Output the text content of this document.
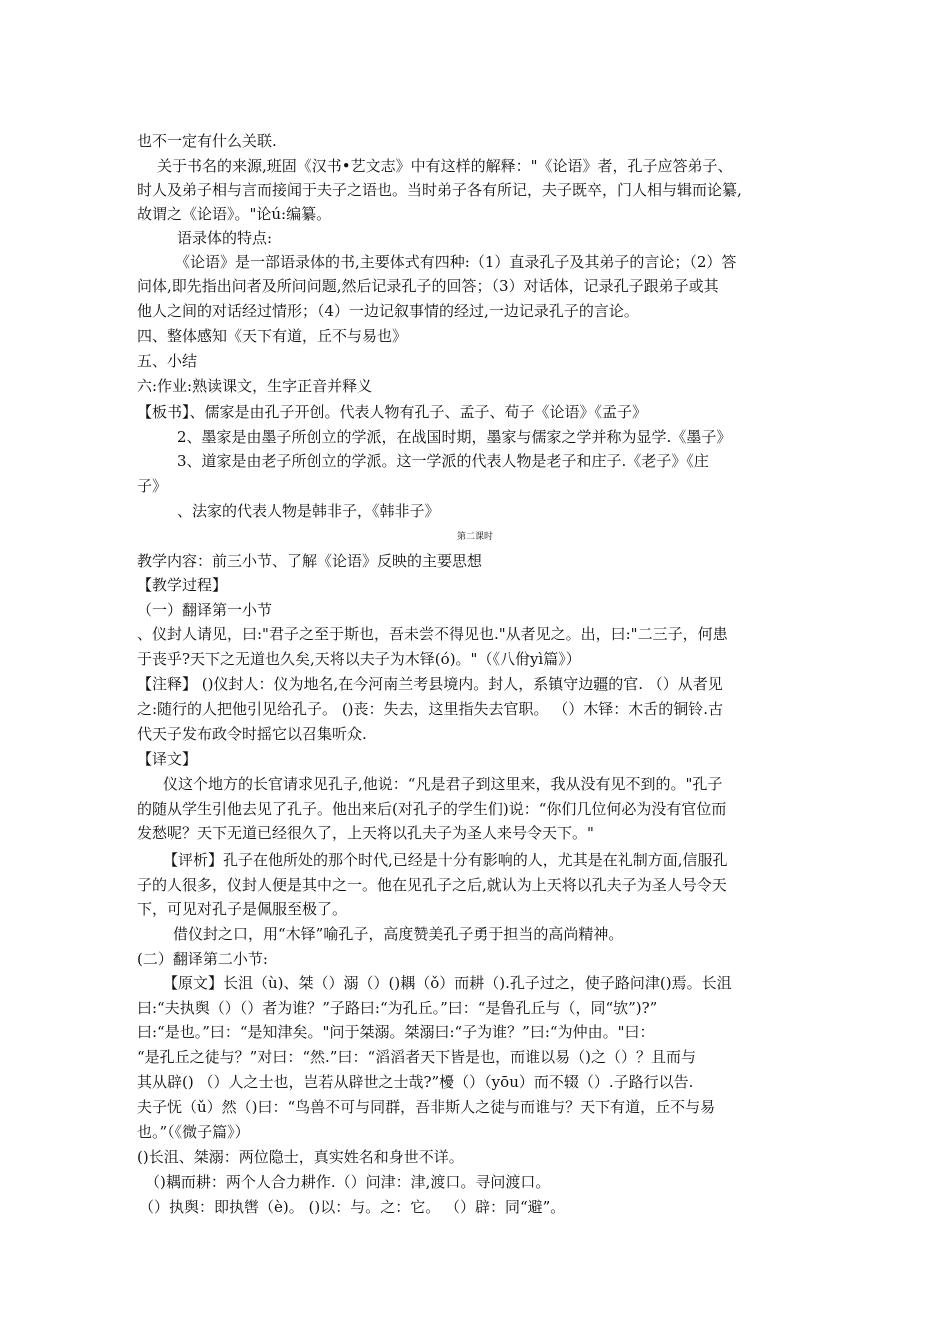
也不一定有什么关联.
关于书名的来源,班固《汉书•艺文志》中有这样的解释："《论语》者，孔子应答弟子、
时人及弟子相与言而接闻于夫子之语也。当时弟子各有所记，夫子既卒，门人相与辑而论纂,
故谓之《论语》。"论ú:编纂。
语录体的特点:
《论语》是一部语录体的书,主要体式有四种:（1）直录孔子及其弟子的言论；（2）答
问体,即先指出问者及所问问题,然后记录孔子的回答；（3）对话体，记录孔子跟弟子或其
他人之间的对话经过情形；（4）一边记叙事情的经过,一边记录孔子的言论。
四、整体感知《天下有道，丘不与易也》
五、小结
六:作业:熟读课文，生字正音并释义
【板书】、儒家是由孔子开创。代表人物有孔子、孟子、荀子《论语》《孟子》
2、墨家是由墨子所创立的学派，在战国时期，墨家与儒家之学并称为显学.《墨子》
3、道家是由老子所创立的学派。这一学派的代表人物是老子和庄子.《老子》《庄
子》
、法家的代表人物是韩非子，《韩非子》
第二课时
教学内容：前三小节、了解《论语》反映的主要思想
【教学过程】
（一）翻译第一小节
、仪封人请见，曰:"君子之至于斯也，吾未尝不得见也."从者见之。出，曰:"二三子，何患
于丧乎?天下之无道也久矣,天将以夫子为木铎(ó)。"（《八佾yì篇》）
【注释】 ()仪封人：仪为地名,在今河南兰考县境内。封人，系镇守边疆的官. （）从者见
之:随行的人把他引见给孔子。 ()丧：失去，这里指失去官职。 （）木铎：木舌的铜铃.古
代天子发布政令时摇它以召集听众.
【译文】
仪这个地方的长官请求见孔子,他说：“凡是君子到这里来，我从没有见不到的。"孔子
的随从学生引他去见了孔子。他出来后(对孔子的学生们)说：“你们几位何必为没有官位而
发愁呢？天下无道已经很久了，上天将以孔夫子为圣人来号令天下。"
【评析】孔子在他所处的那个时代,已经是十分有影响的人，尤其是在礼制方面,信服孔
子的人很多，仪封人便是其中之一。他在见孔子之后,就认为上天将以孔夫子为圣人号令天
下，可见对孔子是佩服至极了。
借仪封之口，用“木铎”喻孔子，高度赞美孔子勇于担当的高尚精神。
(二）翻译第二小节:
【原文】长沮（ù)、桀（）溺（）()耦（ǒ）而耕（).孔子过之，使子路问津()焉。长沮
曰:“夫执舆（）（）者为谁？”子路曰:“为孔丘。”曰：“是鲁孔丘与（，同“欤”)?”
曰:“是也。”曰：“是知津矣。"问于桀溺。桀溺曰:“子为谁？”曰:“为仲由。"曰：
“是孔丘之徒与？”对曰：“然.”曰：“滔滔者天下皆是也，而谁以易（)之（）？且而与
其从辟() （）人之士也，岂若从辟世之士哉?”櫌（）（yōu）而不辍（）.子路行以告.
夫子怃（ǔ）然（)曰：“鸟兽不可与同群，吾非斯人之徒与而谁与？天下有道，丘不与易
也。”（《微子篇》）
()长沮、桀溺：两位隐士，真实姓名和身世不详。
（)耦而耕：两个人合力耕作.（）问津：津,渡口。寻问渡口。
（）执舆：即执辔（è)。 ()以：与。之：它。 （）辟：同“避”。
